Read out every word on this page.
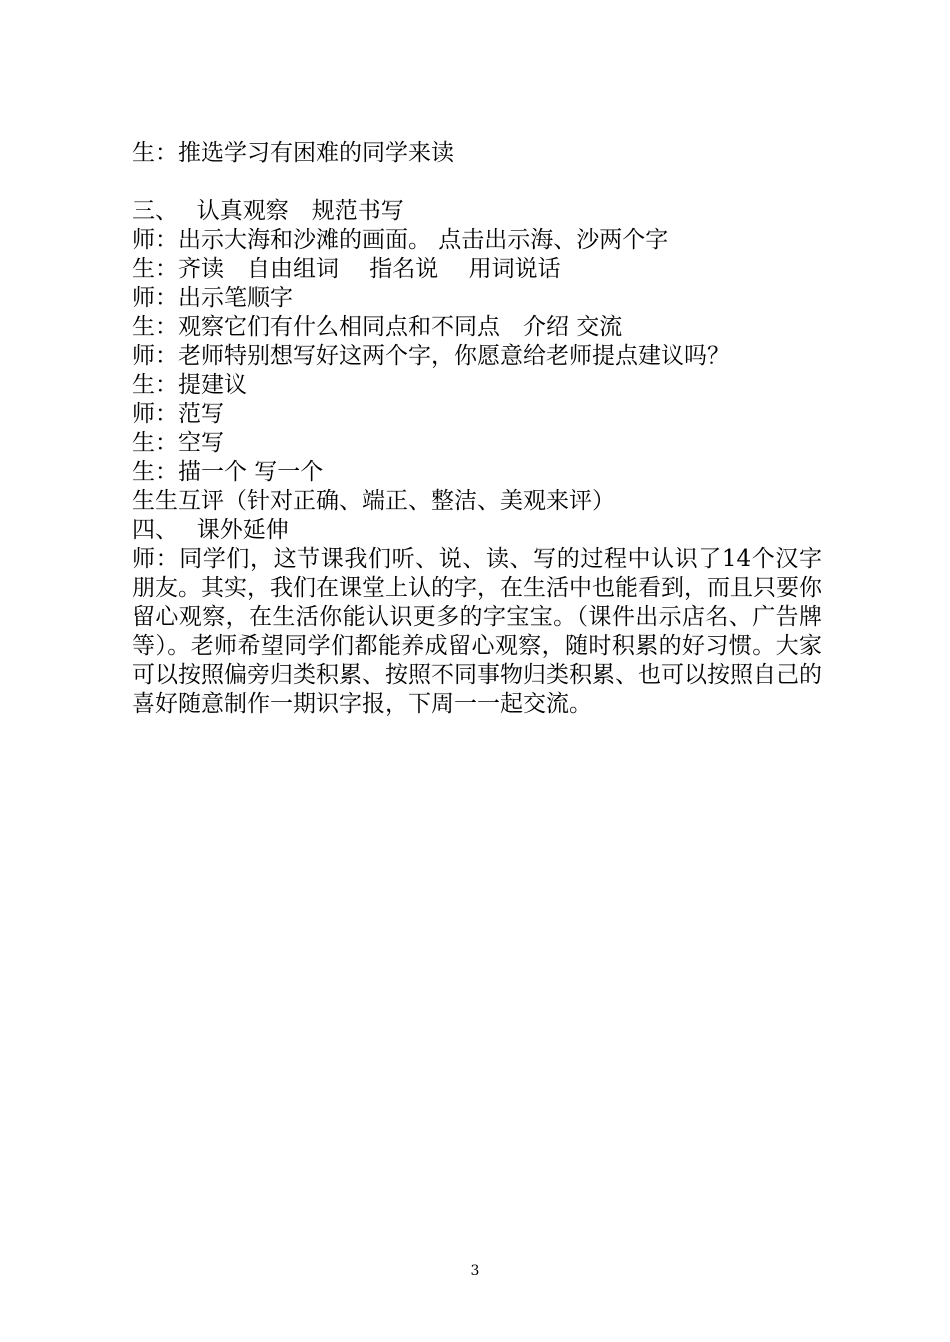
生：推选学习有困难的同学来读
三、　 认真观察　规范书写
师：出示大海和沙滩的画面。 点击出示海、沙两个字
生：齐读　自由组词　 指名说　 用词说话
师：出示笔顺字
生：观察它们有什么相同点和不同点　介绍 交流
师：老师特别想写好这两个字，你愿意给老师提点建议吗？
生：提建议
师：范写
生：空写
生：描一个 写一个
生生互评（针对正确、端正、整洁、美观来评）
四、　 课外延伸
师：同学们，这节课我们听、说、读、写的过程中认识了14个汉字朋友。其实，我们在课堂上认的字，在生活中也能看到，而且只要你留心观察，在生活你能认识更多的字宝宝。（课件出示店名、广告牌等）。老师希望同学们都能养成留心观察，随时积累的好习惯。大家可以按照偏旁归类积累、按照不同事物归类积累、也可以按照自己的喜好随意制作一期识字报，下周一一起交流。
3
